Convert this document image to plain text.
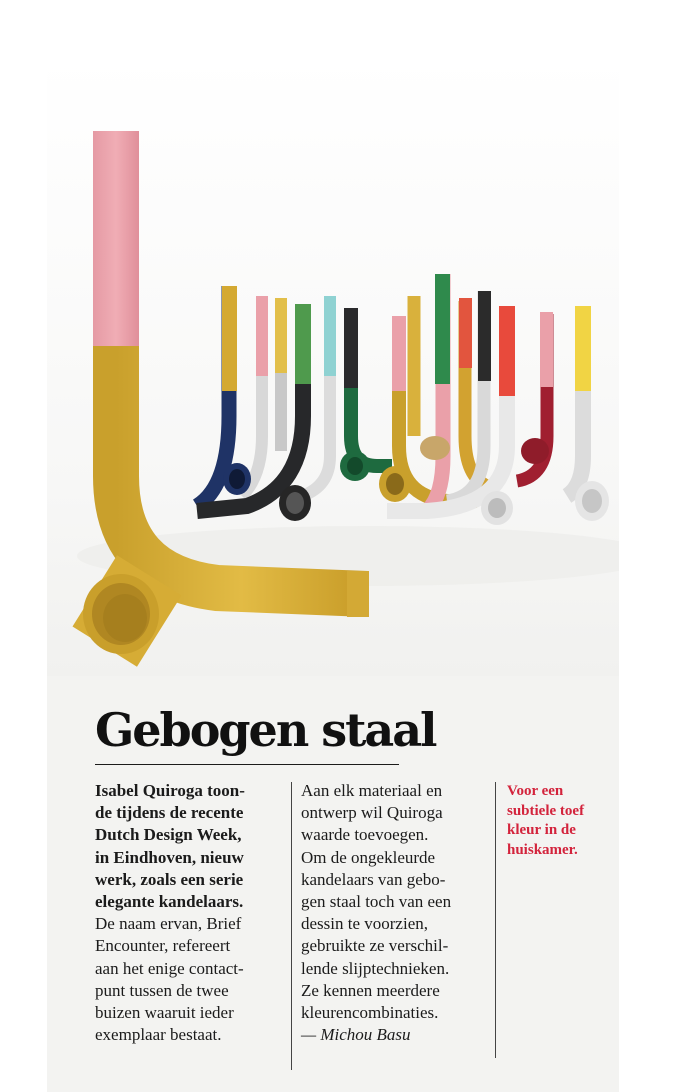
Gebogen staal
Isabel Quiroga toon-
de tijdens de recente
Dutch Design Week,
in Eindhoven, nieuw
werk, zoals een serie
elegante kandelaars.
De naam ervan, Brief
Encounter, refereert
aan het enige contact-
punt tussen de twee
buizen waaruit ieder
exemplaar bestaat.
Aan elk materiaal en
ontwerp wil Quiroga
waarde toevoegen.
Om de ongekleurde
kandelaars van gebo-
gen staal toch van een
dessin te voorzien,
gebruikte ze verschil-
lende slijptechnieken.
Ze kennen meerdere
kleurencombinaties.
— Michou Basu
Voor een
subtiele toef
kleur in de
huiskamer.
